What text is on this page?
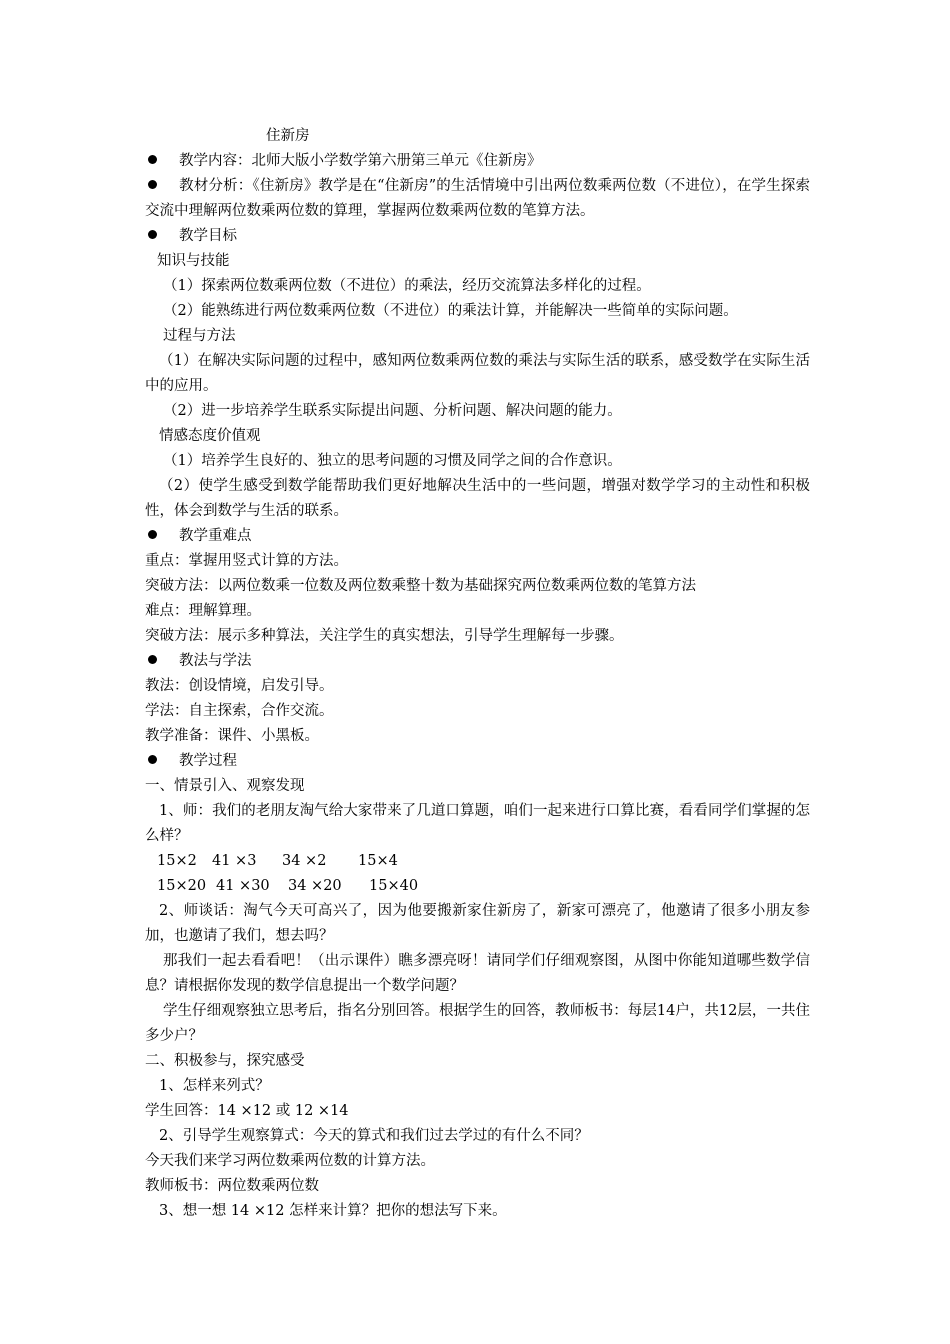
住新房
教学内容：北师大版小学数学第六册第三单元《住新房》
教材分析：《住新房》教学是在“住新房”的生活情境中引出两位数乘两位数（不进位），在学生探索交流中理解两位数乘两位数的算理，掌握两位数乘两位数的笔算方法。
教学目标
知识与技能
（1）探索两位数乘两位数（不进位）的乘法，经历交流算法多样化的过程。
（2）能熟练进行两位数乘两位数（不进位）的乘法计算，并能解决一些简单的实际问题。
过程与方法
（1）在解决实际问题的过程中，感知两位数乘两位数的乘法与实际生活的联系，感受数学在实际生活中的应用。
（2）进一步培养学生联系实际提出问题、分析问题、解决问题的能力。
情感态度价值观
（1）培养学生良好的、独立的思考问题的习惯及同学之间的合作意识。
（2）使学生感受到数学能帮助我们更好地解决生活中的一些问题，增强对数学学习的主动性和积极性，体会到数学与生活的联系。
教学重难点
重点：掌握用竖式计算的方法。
突破方法：以两位数乘一位数及两位数乘整十数为基础探究两位数乘两位数的笔算方法
难点：理解算理。
突破方法：展示多种算法，关注学生的真实想法，引导学生理解每一步骤。
教法与学法
教法：创设情境，启发引导。
学法：自主探索，合作交流。
教学准备：课件、小黑板。
教学过程
一、情景引入、观察发现
1、师：我们的老朋友淘气给大家带来了几道口算题，咱们一起来进行口算比赛，看看同学们掌握的怎么样？
15×2 41 ×3 34 ×2 15×4
15×20 41 ×30 34 ×20 15×40
2、师谈话：淘气今天可高兴了，因为他要搬新家住新房了，新家可漂亮了，他邀请了很多小朋友参加，也邀请了我们，想去吗？
那我们一起去看看吧！（出示课件）瞧多漂亮呀！请同学们仔细观察图，从图中你能知道哪些数学信息？请根据你发现的数学信息提出一个数学问题？
学生仔细观察独立思考后，指名分别回答。根据学生的回答，教师板书：每层14户，共12层，一共住多少户？
二、积极参与，探究感受
1、怎样来列式？
学生回答：14 ×12 或 12 ×14
2、引导学生观察算式：今天的算式和我们过去学过的有什么不同？
今天我们来学习两位数乘两位数的计算方法。
教师板书：两位数乘两位数
3、想一想 14 ×12 怎样来计算？把你的想法写下来。
